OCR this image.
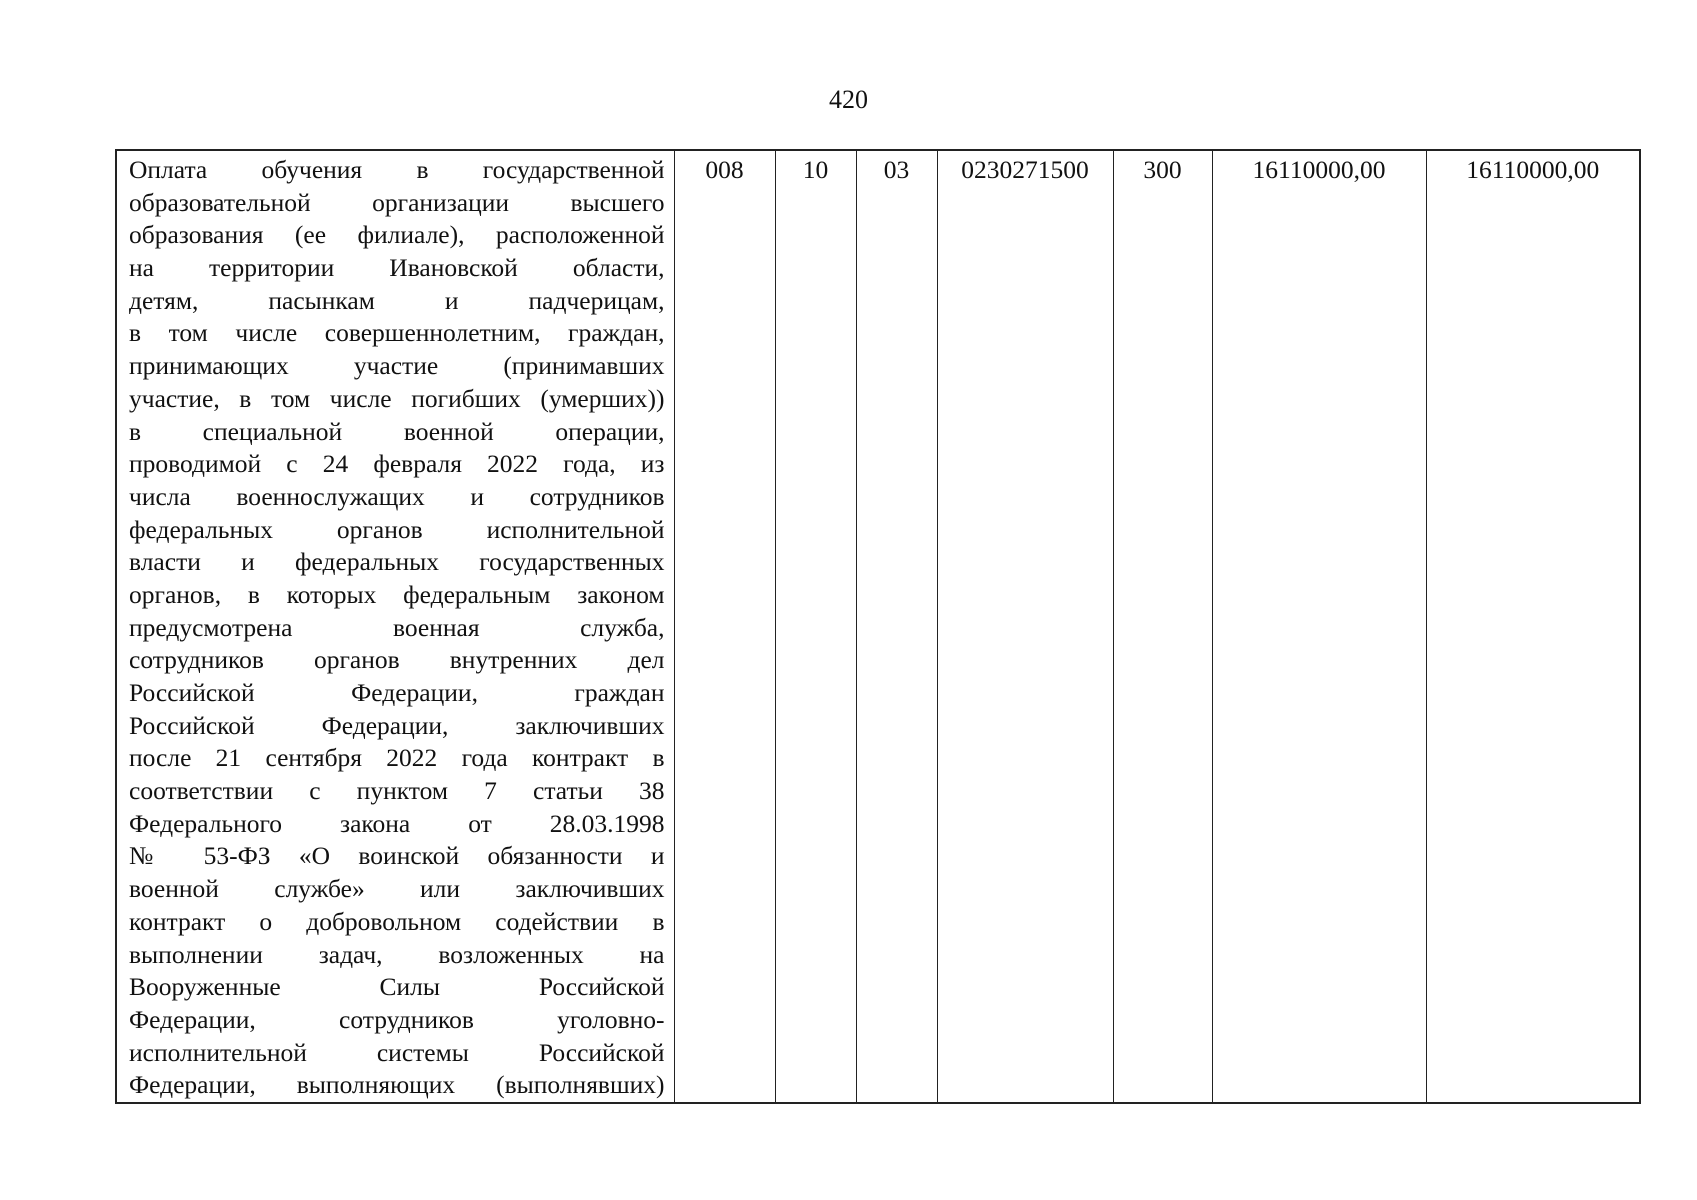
420
Оплата обучения в государственной
образовательной организации высшего
образования (ее филиале), расположенной
на территории Ивановской области,
детям, пасынкам и падчерицам,
в том числе совершеннолетним, граждан,
принимающих участие (принимавших
участие, в том числе погибших (умерших))
в специальной военной операции,
проводимой с 24 февраля 2022 года, из
числа военнослужащих и сотрудников
федеральных органов исполнительной
власти и федеральных государственных
органов, в которых федеральным законом
предусмотрена военная служба,
сотрудников органов внутренних дел
Российской Федерации, граждан
Российской Федерации, заключивших
после 21 сентября 2022 года контракт в
соответствии с пунктом 7 статьи 38
Федерального закона от 28.03.1998
№ 53-ФЗ «О воинской обязанности и
военной службе» или заключивших
контракт о добровольном содействии в
выполнении задач, возложенных на
Вооруженные Силы Российской
Федерации, сотрудников уголовно-
исполнительной системы Российской
Федерации, выполняющих (выполнявших)
	008	10	03	0230271500	300	16110000,00	16110000,00
